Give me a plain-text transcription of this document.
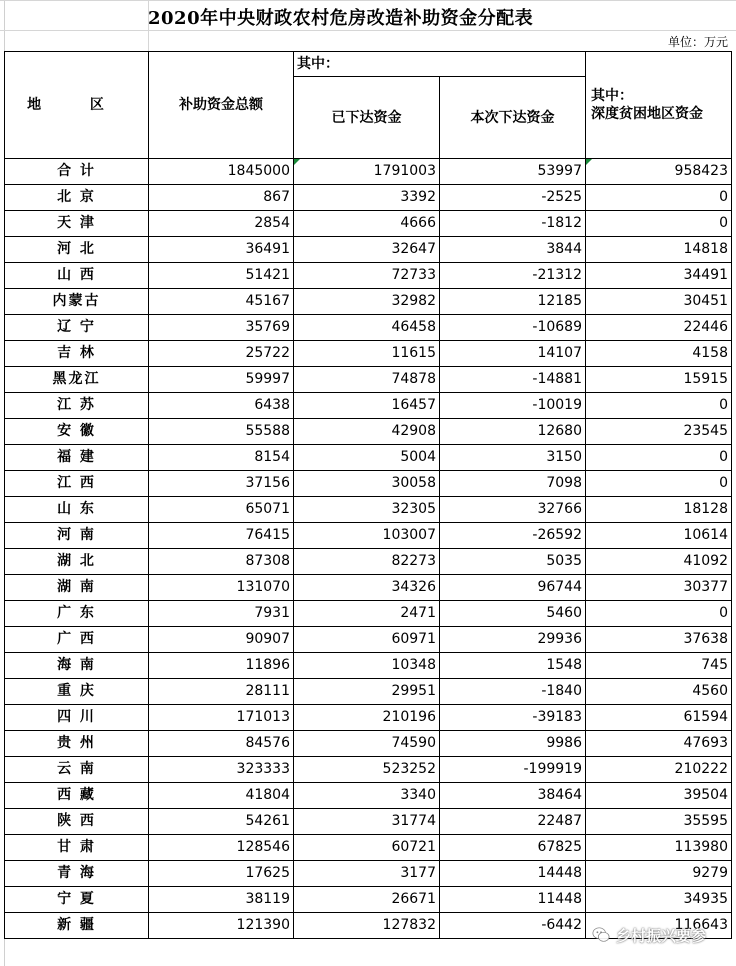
2020年中央财政农村危房改造补助资金分配表
单位：万元
地 区	补助资金总额	其中：		其中：
深度贫困地区资金

		已下达资金	本次下达资金	
合 计	1845000	1791003	53997	958423
北 京	867	3392	-2525	0
天 津	2854	4666	-1812	0
河 北	36491	32647	3844	14818
山 西	51421	72733	-21312	34491
内蒙古	45167	32982	12185	30451
辽 宁	35769	46458	-10689	22446
吉 林	25722	11615	14107	4158
黑龙江	59997	74878	-14881	15915
江 苏	6438	16457	-10019	0
安 徽	55588	42908	12680	23545
福 建	8154	5004	3150	0
江 西	37156	30058	7098	0
山 东	65071	32305	32766	18128
河 南	76415	103007	-26592	10614
湖 北	87308	82273	5035	41092
湖 南	131070	34326	96744	30377
广 东	7931	2471	5460	0
广 西	90907	60971	29936	37638
海 南	11896	10348	1548	745
重 庆	28111	29951	-1840	4560
四 川	171013	210196	-39183	61594
贵 州	84576	74590	9986	47693
云 南	323333	523252	-199919	210222
西 藏	41804	3340	38464	39504
陕 西	54261	31774	22487	35595
甘 肃	128546	60721	67825	113980
青 海	17625	3177	14448	9279
宁 夏	38119	26671	11448	34935
新 疆	121390	127832	-6442	116643
乡村振兴要参
